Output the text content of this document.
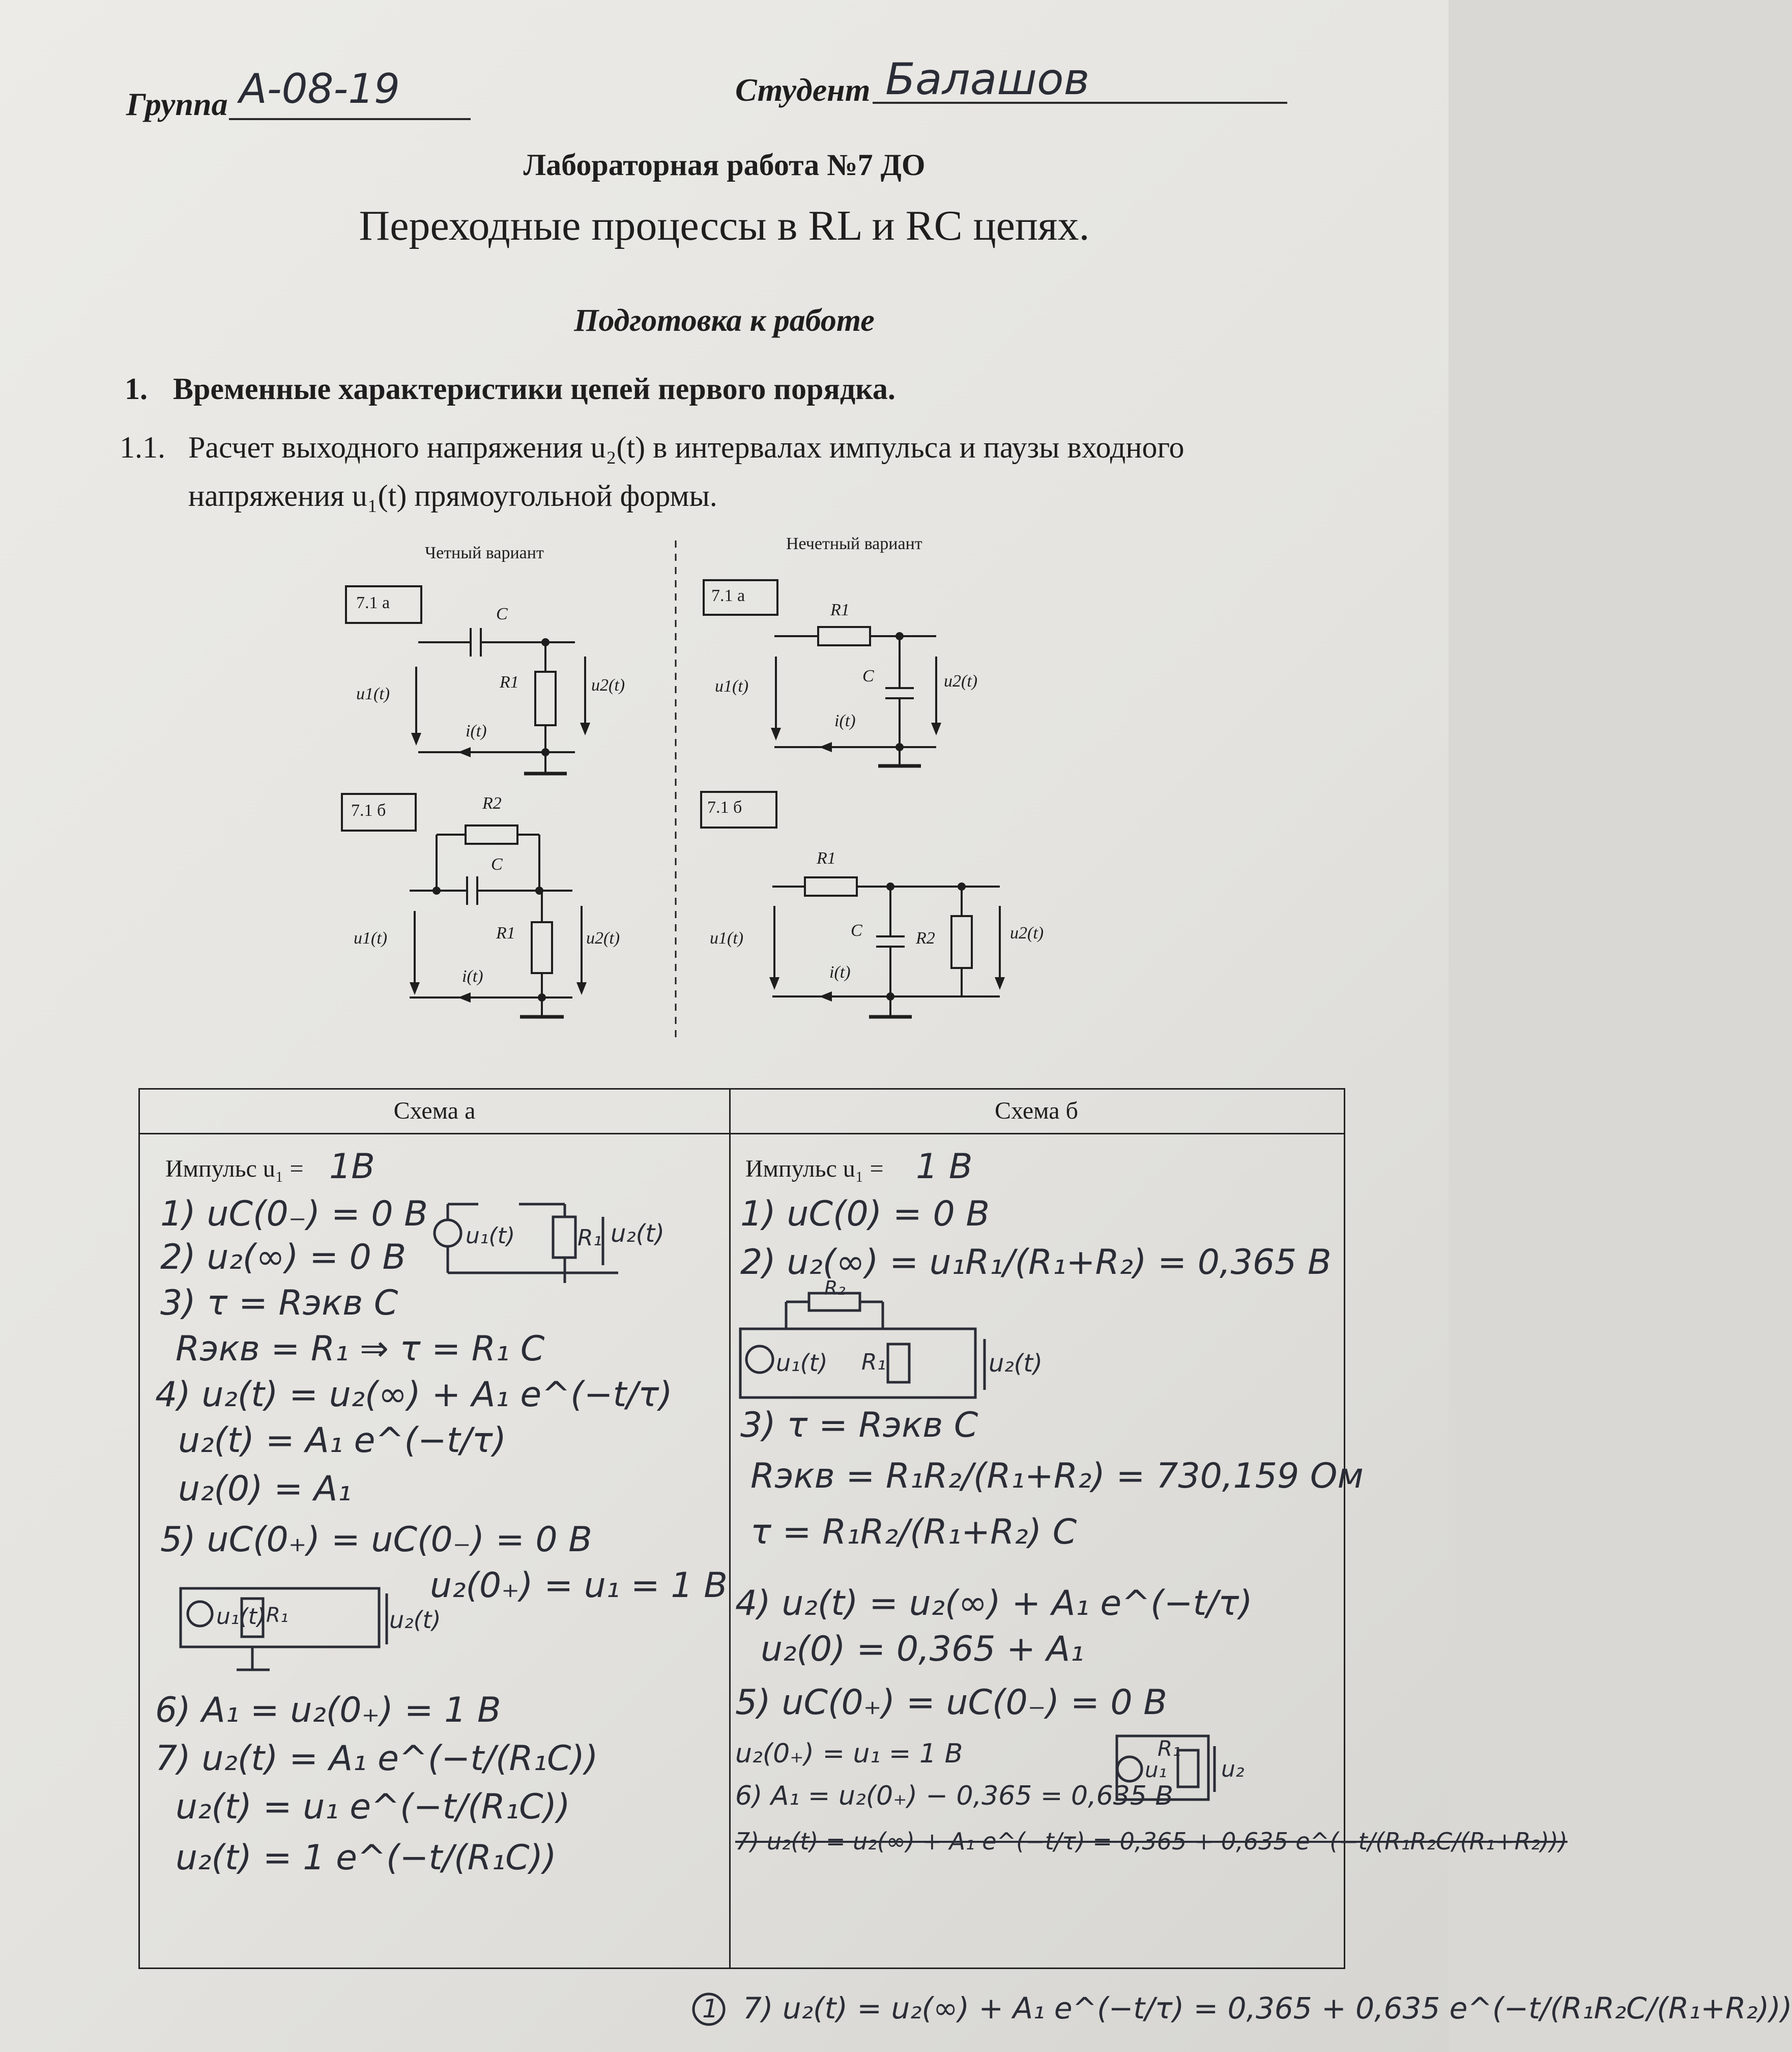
Группа А-08-19	Студент Балашов
Лабораторная работа №7 ДО
Переходные процессы в RL и RC цепях.
Подготовка к работе
1. Временные характеристики цепей первого порядка.
1.1. Расчет выходного напряжения u₂(t) в интервалах импульса и паузы входного
напряжения u₁(t) прямоугольной формы.
Четный вариант	Нечетный вариант
7.1 а
7.1 б
7.1 а
7.1 б
C
R1
u1(t)	u2(t)
i(t)
R2
C
R1
u1(t)	u2(t)
i(t)
R1
C
u1(t)	u2(t)
i(t)
R1
C	R2
u1(t)	u2(t)
i(t)
Схема а	Схема б
Импульс u₁ = 1В
1) uC(0₋) = 0 В
2) u₂(∞) = 0 В
3) τ = Rэкв C
Rэкв = R₁ ⇒ τ = R₁ C
4) u₂(t) = u₂(∞) + A₁ e^(−t/τ)
u₂(t) = A₁ e^(−t/τ)
u₂(0) = A₁
5) uC(0₊) = uC(0₋) = 0 В
u₂(0₊) = u₁ = 1 В
6) A₁ = u₂(0₊) = 1 В
7) u₂(t) = A₁ e^(−t/(R₁C))
u₂(t) = u₁ e^(−t/(R₁C))
u₂(t) = 1 e^(−t/(R₁C))
Импульс u₁ = 1 В
1) uC(0) = 0 В
2) u₂(∞) = u₁R₁/(R₁+R₂) = 0,365 В
3) τ = Rэкв C
Rэкв = R₁R₂/(R₁+R₂) = 730,159 Ом
τ = R₁R₂/(R₁+R₂) C
4) u₂(t) = u₂(∞) + A₁ e^(−t/τ)
u₂(0) = 0,365 + A₁
5) uC(0₊) = uC(0₋) = 0 В
u₂(0₊) = u₁ = 1 В
6) A₁ = u₂(0₊) − 0,365 = 0,635 В
7) u₂(t) = u₂(∞) + A₁ e^(−t/τ) = 0,365 + 0,635 e^(−t/(R₁R₂C/(R₁+R₂)))
u₁(t)	R₁ u₂(t)
u₁(t) R₁	u₂(t)
u₁(t) R₁
R₂
u₂(t)
u₁
R₁
u₂
1 7) u₂(t) = u₂(∞) + A₁ e^(−t/τ) = 0,365 + 0,635 e^(−t/(R₁R₂C/(R₁+R₂)))
